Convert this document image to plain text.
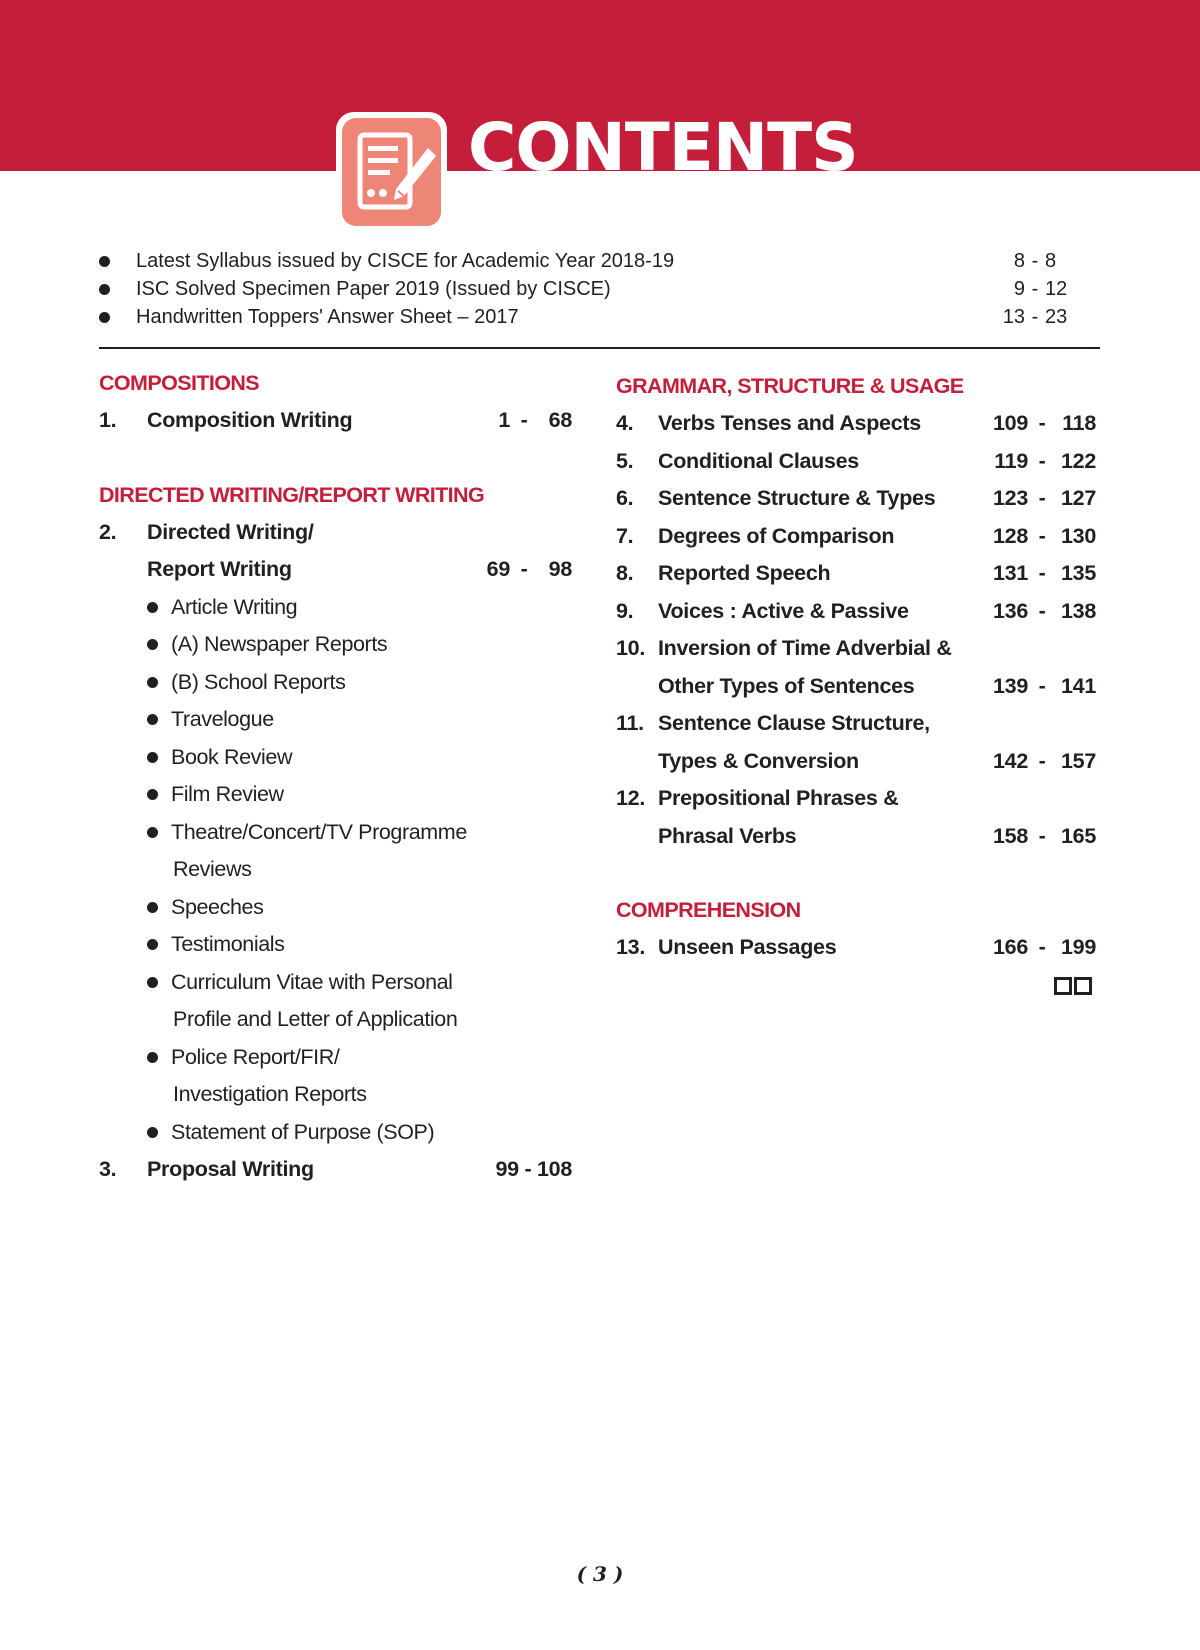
CONTENTS
Latest Syllabus issued by CISCE for Academic Year 2018-19	8 - 8
ISC Solved Specimen Paper 2019 (Issued by CISCE)	9 - 12
Handwritten Toppers' Answer Sheet – 2017	13 - 23
COMPOSITIONS
1.	Composition Writing	1 - 68
DIRECTED WRITING/REPORT WRITING
2.	Directed Writing/
Report Writing	69 - 98
Article Writing
(A) Newspaper Reports
(B) School Reports
Travelogue
Book Review
Film Review
Theatre/Concert/TV Programme
Reviews
Speeches
Testimonials
Curriculum Vitae with Personal
Profile and Letter of Application
Police Report/FIR/
Investigation Reports
Statement of Purpose (SOP)
3.	Proposal Writing	99 - 108
GRAMMAR, STRUCTURE & USAGE
4.	Verbs Tenses and Aspects	109 - 118
5.	Conditional Clauses	119 - 122
6.	Sentence Structure & Types	123 - 127
7.	Degrees of Comparison	128 - 130
8.	Reported Speech	131 - 135
9.	Voices : Active & Passive	136 - 138
10. Inversion of Time Adverbial &
Other Types of Sentences	139 - 141
11. Sentence Clause Structure,
Types & Conversion	142 - 157
12. Prepositional Phrases &
Phrasal Verbs	158 - 165
COMPREHENSION
13. Unseen Passages	166 - 199
( 3 )
